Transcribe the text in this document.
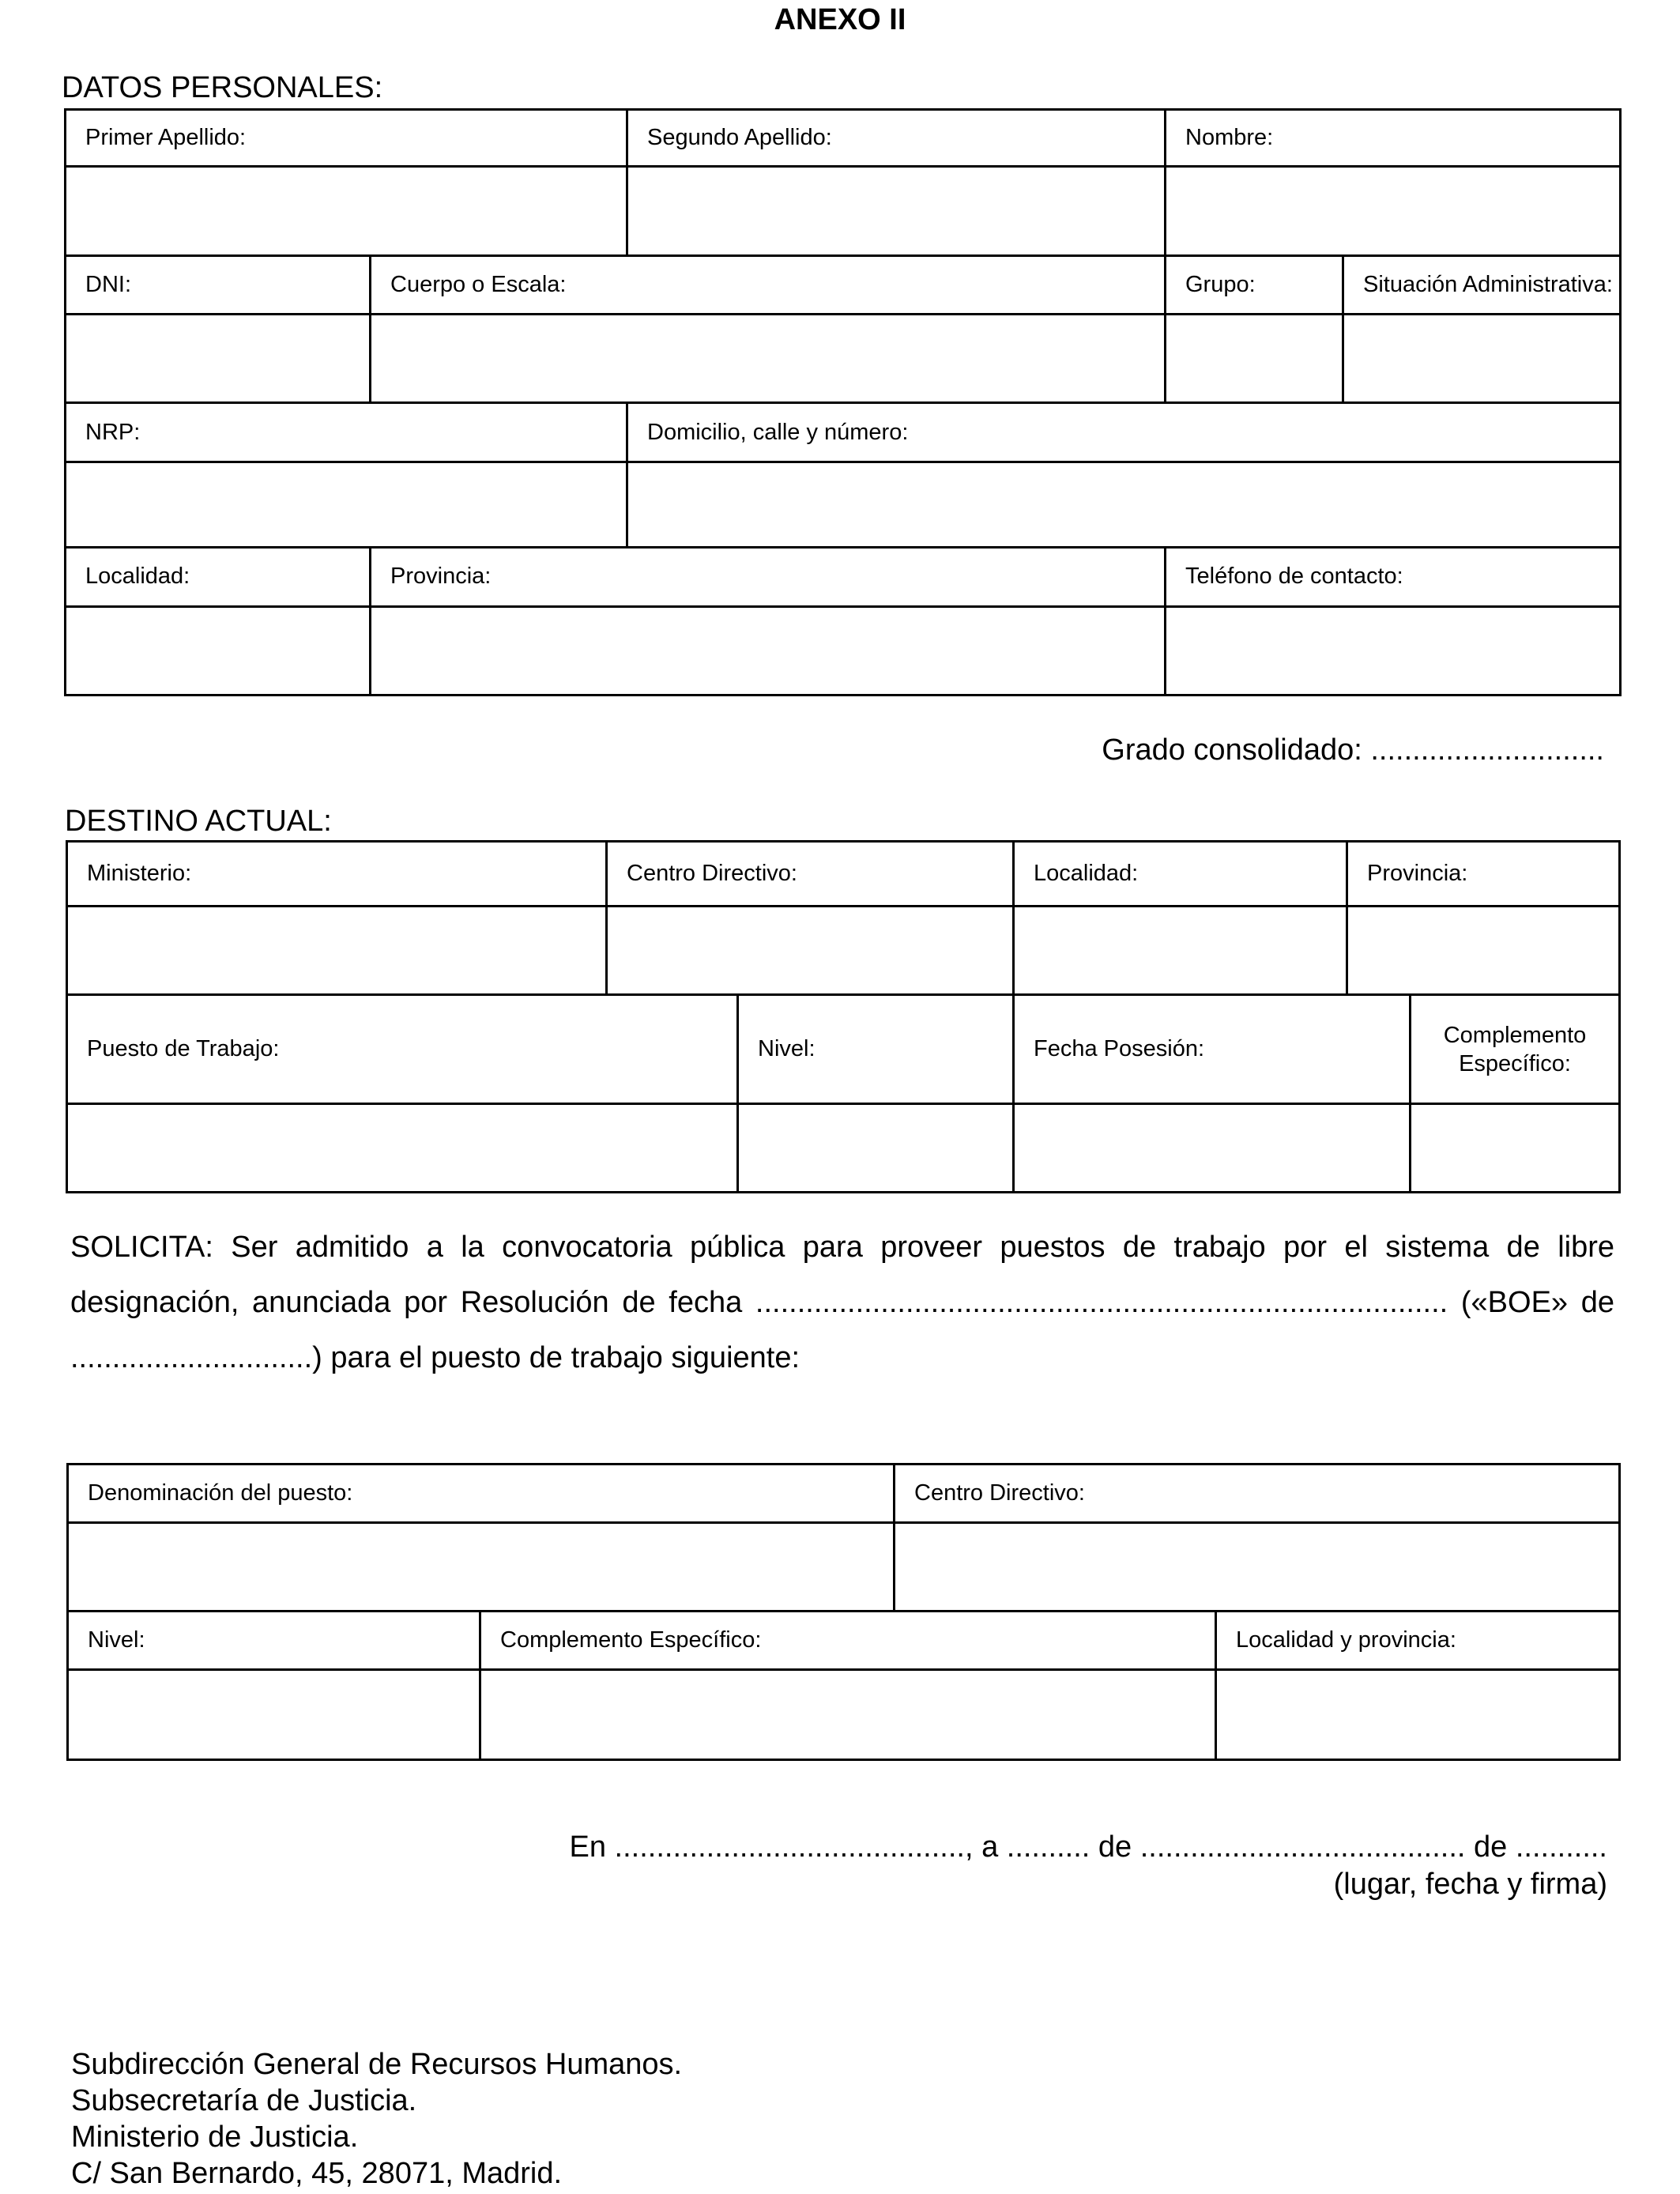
ANEXO II
DATOS PERSONALES:
Primer Apellido:		Segundo Apellido:	Nombre:	

DNI:	Cuerpo o Escala:		Grupo:	Situación Administrativa:

NRP:		Domicilio, calle y número:		

Localidad:	Provincia:		Teléfono de contacto:	

Grado consolidado: ............................
DESTINO ACTUAL:
Ministerio:	Centro Directivo:		Localidad:	Provincia:	

Puesto de Trabajo:		Nivel:	Fecha Posesión:		Complemento
Específico:

SOLICITA: Ser admitido a la convocatoria pública para proveer puestos de trabajo por el sistema de libre designación, anunciada por Resolución de fecha ................................................................................... («BOE» de .............................) para el puesto de trabajo siguiente:
Denominación del puesto:		Centro Directivo:	

Nivel:	Complemento Específico:		Localidad y provincia:

En .........................................., a .......... de ....................................... de ...........
(lugar, fecha y firma)
Subdirección General de Recursos Humanos.
Subsecretaría de Justicia.
Ministerio de Justicia.
C/ San Bernardo, 45, 28071, Madrid.
